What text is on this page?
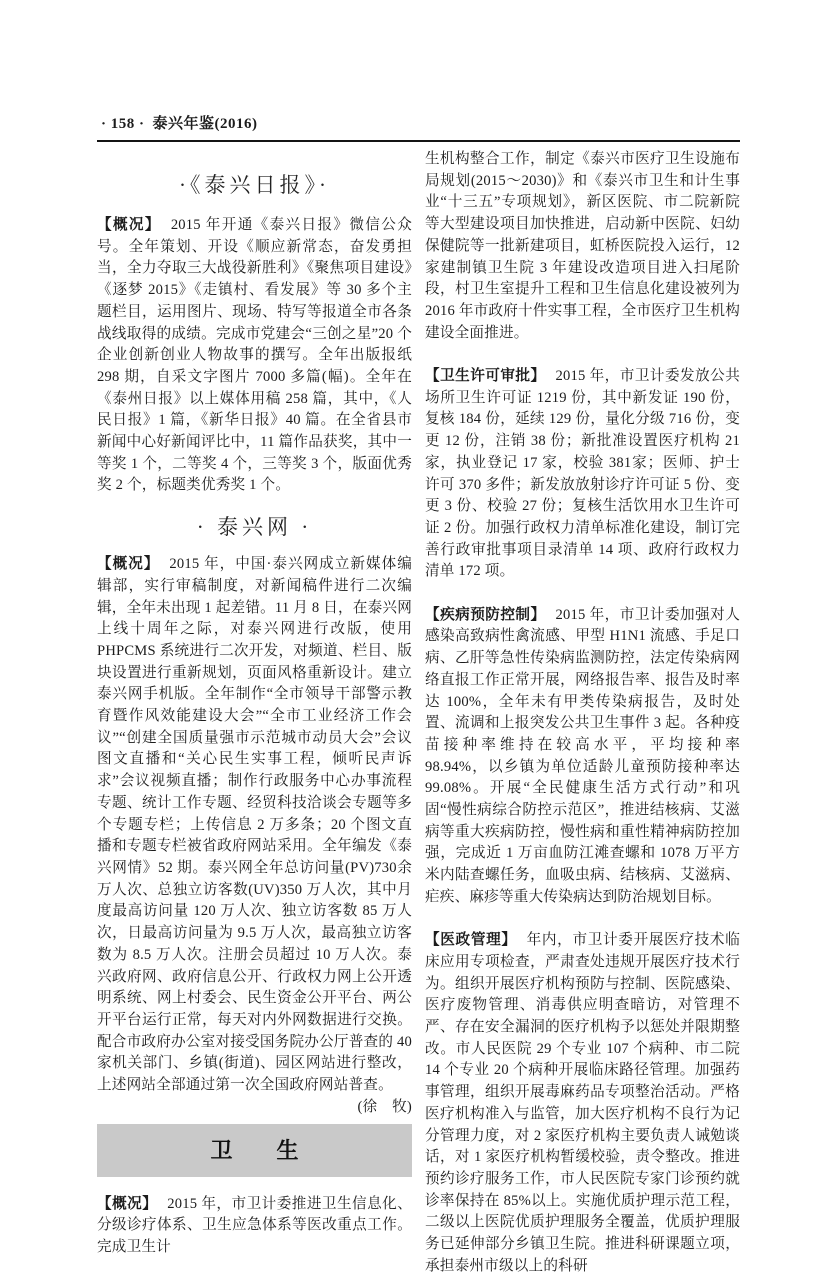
· 158 · 泰兴年鉴(2016)
·《泰兴日报》·

【概况】 2015 年开通《泰兴日报》微信公众号。全年策划、开设《顺应新常态，奋发勇担当，全力夺取三大战役新胜利》《聚焦项目建设》《逐梦 2015》《走镇村、看发展》等 30 多个主题栏目，运用图片、现场、特写等报道全市各条战线取得的成绩。完成市党建会“三创之星”20 个企业创新创业人物故事的撰写。全年出版报纸 298 期，自采文字图片 7000 多篇(幅)。全年在《泰州日报》以上媒体用稿 258 篇，其中，《人民日报》1 篇，《新华日报》40 篇。在全省县市新闻中心好新闻评比中，11 篇作品获奖，其中一等奖 1 个，二等奖 4 个，三等奖 3 个，版面优秀奖 2 个，标题类优秀奖 1 个。

· 泰兴网 ·

【概况】 2015 年，中国·泰兴网成立新媒体编辑部，实行审稿制度，对新闻稿件进行二次编辑，全年未出现 1 起差错。11 月 8 日，在泰兴网上线十周年之际，对泰兴网进行改版，使用 PHPCMS 系统进行二次开发，对频道、栏目、版块设置进行重新规划，页面风格重新设计。建立泰兴网手机版。全年制作“全市领导干部警示教育暨作风效能建设大会”“全市工业经济工作会议”“创建全国质量强市示范城市动员大会”会议图文直播和“关心民生实事工程，倾听民声诉求”会议视频直播；制作行政服务中心办事流程专题、统计工作专题、经贸科技洽谈会专题等多个专题专栏；上传信息 2 万多条；20 个图文直播和专题专栏被省政府网站采用。全年编发《泰兴网情》52 期。泰兴网全年总访问量(PV)730余万人次、总独立访客数(UV)350 万人次，其中月度最高访问量 120 万人次、独立访客数 85 万人次，日最高访问量为 9.5 万人次，最高独立访客数为 8.5 万人次。注册会员超过 10 万人次。泰兴政府网、政府信息公开、行政权力网上公开透明系统、网上村委会、民生资金公开平台、两公开平台运行正常，每天对内外网数据进行交换。配合市政府办公室对接受国务院办公厅普查的 40 家机关部门、乡镇(街道)、园区网站进行整改，上述网站全部通过第一次全国政府网站普查。
(徐　牧)

卫　　生

【概况】 2015 年，市卫计委推进卫生信息化、分级诊疗体系、卫生应急体系等医改重点工作。完成卫生计

生机构整合工作，制定《泰兴市医疗卫生设施布局规划(2015～2030)》和《泰兴市卫生和计生事业“十三五”专项规划》，新区医院、市二院新院等大型建设项目加快推进，启动新中医院、妇幼保健院等一批新建项目，虹桥医院投入运行，12 家建制镇卫生院 3 年建设改造项目进入扫尾阶段，村卫生室提升工程和卫生信息化建设被列为 2016 年市政府十件实事工程，全市医疗卫生机构建设全面推进。

【卫生许可审批】 2015 年，市卫计委发放公共场所卫生许可证 1219 份，其中新发证 190 份，复核 184 份，延续 129 份，量化分级 716 份，变更 12 份，注销 38 份；新批准设置医疗机构 21 家，执业登记 17 家，校验 381家；医师、护士许可 370 多件；新发放放射诊疗许可证 5 份、变更 3 份、校验 27 份；复核生活饮用水卫生许可证 2 份。加强行政权力清单标准化建设，制订完善行政审批事项目录清单 14 项、政府行政权力清单 172 项。

【疾病预防控制】 2015 年，市卫计委加强对人感染高致病性禽流感、甲型 H1N1 流感、手足口病、乙肝等急性传染病监测防控，法定传染病网络直报工作正常开展，网络报告率、报告及时率达 100%，全年未有甲类传染病报告，及时处置、流调和上报突发公共卫生事件 3 起。各种疫苗接种率维持在较高水平，平均接种率 98.94%，以乡镇为单位适龄儿童预防接种率达 99.08%。开展“全民健康生活方式行动”和巩固“慢性病综合防控示范区”，推进结核病、艾滋病等重大疾病防控，慢性病和重性精神病防控加强，完成近 1 万亩血防江滩查螺和 1078 万平方米内陆查螺任务，血吸虫病、结核病、艾滋病、疟疾、麻疹等重大传染病达到防治规划目标。

【医政管理】 年内，市卫计委开展医疗技术临床应用专项检查，严肃查处违规开展医疗技术行为。组织开展医疗机构预防与控制、医院感染、医疗废物管理、消毒供应明查暗访，对管理不严、存在安全漏洞的医疗机构予以惩处并限期整改。市人民医院 29 个专业 107 个病种、市二院 14 个专业 20 个病种开展临床路径管理。加强药事管理，组织开展毒麻药品专项整治活动。严格医疗机构准入与监管，加大医疗机构不良行为记分管理力度，对 2 家医疗机构主要负责人诫勉谈话，对 1 家医疗机构暂缓校验，责令整改。推进预约诊疗服务工作，市人民医院专家门诊预约就诊率保持在 85%以上。实施优质护理示范工程，二级以上医院优质护理服务全覆盖，优质护理服务已延伸部分乡镇卫生院。推进科研课题立项，承担泰州市级以上的科研
